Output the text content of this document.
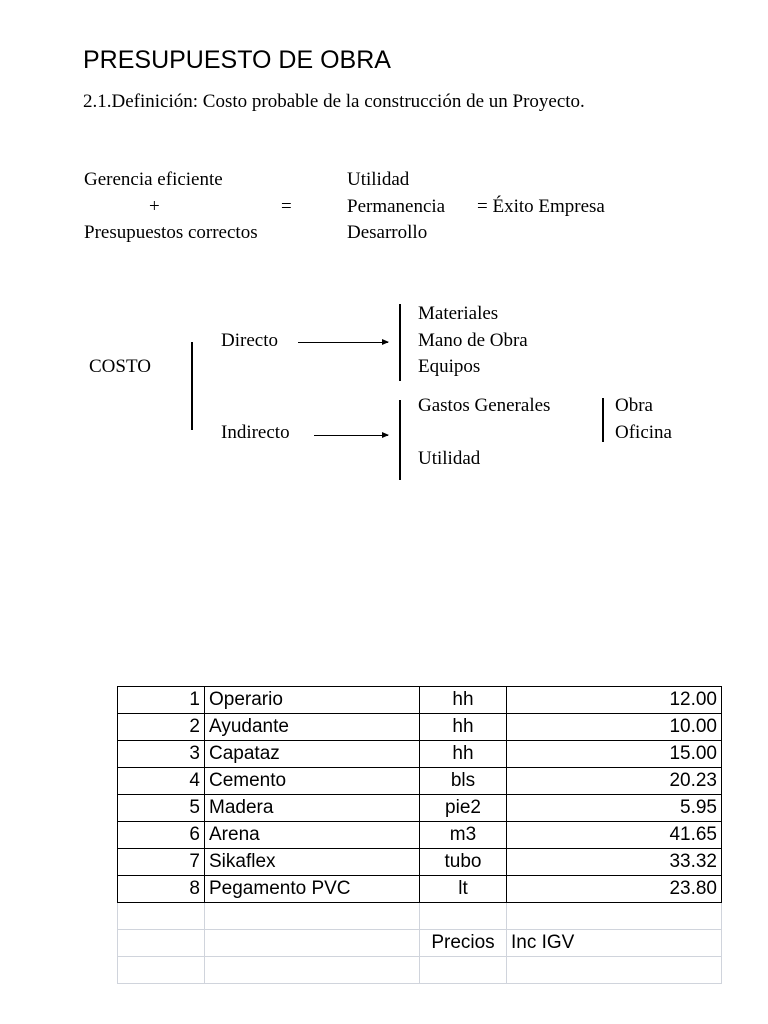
PRESUPUESTO DE OBRA
2.1.Definición: Costo probable de la construcción de un Proyecto.
Gerencia eficiente
+	=
Presupuestos correctos
Utilidad
Permanencia = Éxito Empresa
Desarrollo
COSTO
Directo
Indirecto
Materiales
Mano de Obra
Equipos
Gastos Generales
Utilidad
Obra
Oficina
1	Operario	hh	12.00
2	Ayudante	hh	10.00
3	Capataz	hh	15.00
4	Cemento	bls	20.23
5	Madera	pie2	5.95
6	Arena	m3	41.65
7	Sikaflex	tubo	33.32
8	Pegamento PVC	lt	23.80

		Precios	Inc IGV
